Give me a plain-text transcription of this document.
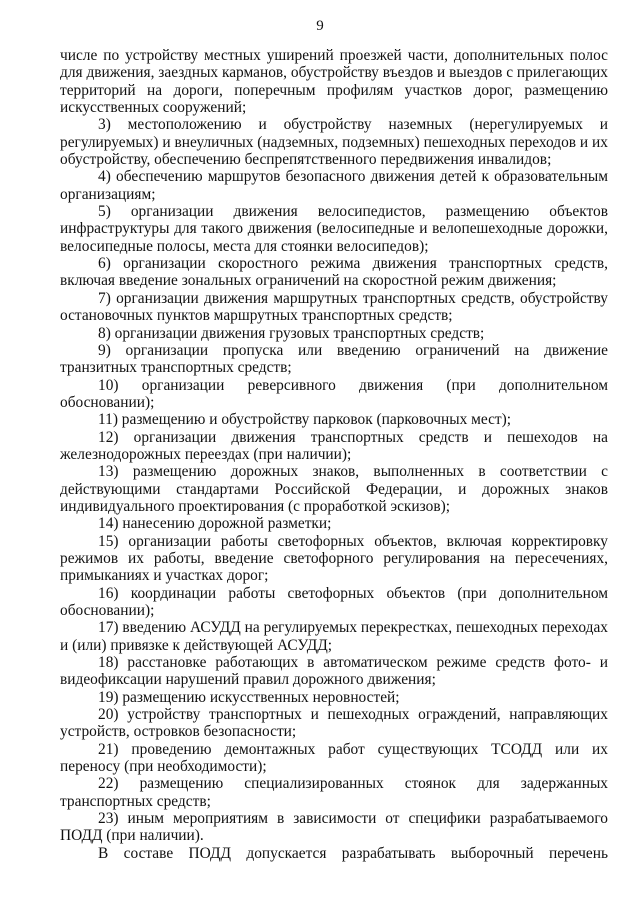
9

числе по устройству местных уширений проезжей части, дополнительных полос для движения, заездных карманов, обустройству въездов и выездов с прилегающих территорий на дороги, поперечным профилям участков дорог, размещению искусственных сооружений;

3) местоположению и обустройству наземных (нерегулируемых и регулируемых) и внеуличных (надземных, подземных) пешеходных переходов и их обустройству, обеспечению беспрепятственного передвижения инвалидов;

4) обеспечению маршрутов безопасного движения детей к образовательным организациям;

5) организации движения велосипедистов, размещению объектов инфраструктуры для такого движения (велосипедные и велопешеходные дорожки, велосипедные полосы, места для стоянки велосипедов);

6) организации скоростного режима движения транспортных средств, включая введение зональных ограничений на скоростной режим движения;

7) организации движения маршрутных транспортных средств, обустройству остановочных пунктов маршрутных транспортных средств;

8) организации движения грузовых транспортных средств;

9) организации пропуска или введению ограничений на движение транзитных транспортных средств;

10) организации реверсивного движения (при дополнительном обосновании);

11) размещению и обустройству парковок (парковочных мест);

12) организации движения транспортных средств и пешеходов на железнодорожных переездах (при наличии);

13) размещению дорожных знаков, выполненных в соответствии с действующими стандартами Российской Федерации, и дорожных знаков индивидуального проектирования (с проработкой эскизов);

14) нанесению дорожной разметки;

15) организации работы светофорных объектов, включая корректировку режимов их работы, введение светофорного регулирования на пересечениях, примыканиях и участках дорог;

16) координации работы светофорных объектов (при дополнительном обосновании);

17) введению АСУДД на регулируемых перекрестках, пешеходных переходах и (или) привязке к действующей АСУДД;

18) расстановке работающих в автоматическом режиме средств фото- и видеофиксации нарушений правил дорожного движения;

19) размещению искусственных неровностей;

20) устройству транспортных и пешеходных ограждений, направляющих устройств, островков безопасности;

21) проведению демонтажных работ существующих ТСОДД или их переносу (при необходимости);

22) размещению специализированных стоянок для задержанных транспортных средств;

23) иным мероприятиям в зависимости от специфики разрабатываемого ПОДД (при наличии).

В составе ПОДД допускается разрабатывать выборочный перечень
